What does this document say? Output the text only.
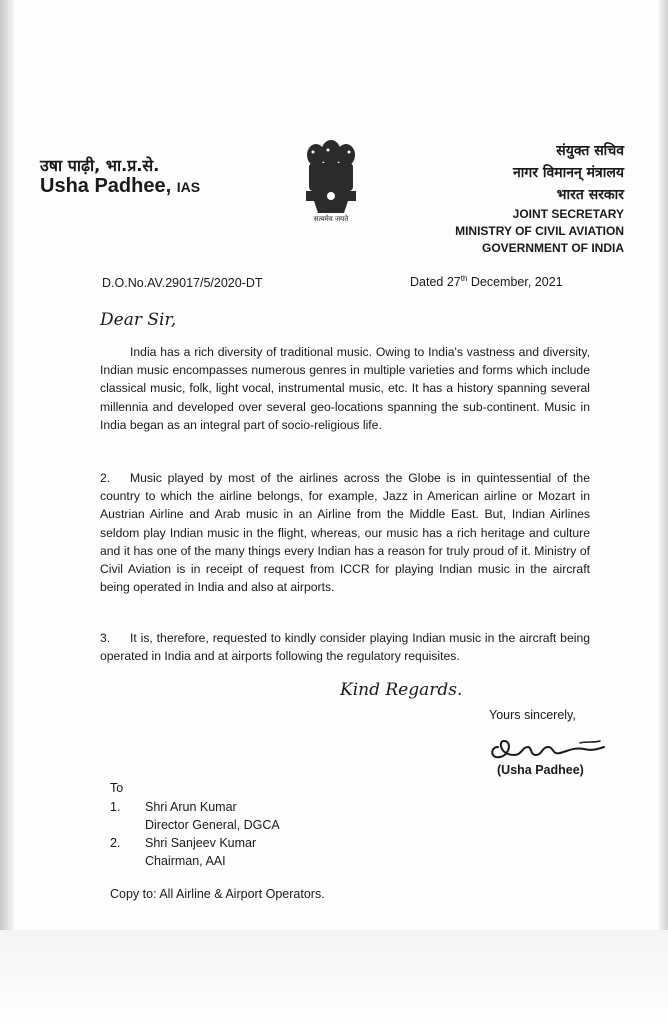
उषा पाढ़ी, भा.प्र.से.
Usha Padhee, IAS
सत्यमेव जयते
संयुक्त सचिव
नागर विमानन् मंत्रालय
भारत सरकार
JOINT SECRETARY
MINISTRY OF CIVIL AVIATION
GOVERNMENT OF INDIA
D.O.No.AV.29017/5/2020-DT	Dated 27th December, 2021
Dear Sir,
India has a rich diversity of traditional music. Owing to India's vastness and diversity, Indian music encompasses numerous genres in multiple varieties and forms which include classical music, folk, light vocal, instrumental music, etc. It has a history spanning several millennia and developed over several geo-locations spanning the sub-continent. Music in India began as an integral part of socio-religious life.
2. Music played by most of the airlines across the Globe is in quintessential of the country to which the airline belongs, for example, Jazz in American airline or Mozart in Austrian Airline and Arab music in an Airline from the Middle East. But, Indian Airlines seldom play Indian music in the flight, whereas, our music has a rich heritage and culture and it has one of the many things every Indian has a reason for truly proud of it. Ministry of Civil Aviation is in receipt of request from ICCR for playing Indian music in the aircraft being operated in India and also at airports.
3. It is, therefore, requested to kindly consider playing Indian music in the aircraft being operated in India and at airports following the regulatory requisites.
Kind Regards.
Yours sincerely,
(Usha Padhee)
To
1. Shri Arun Kumar
Director General, DGCA
2. Shri Sanjeev Kumar
Chairman, AAI
Copy to: All Airline & Airport Operators.
